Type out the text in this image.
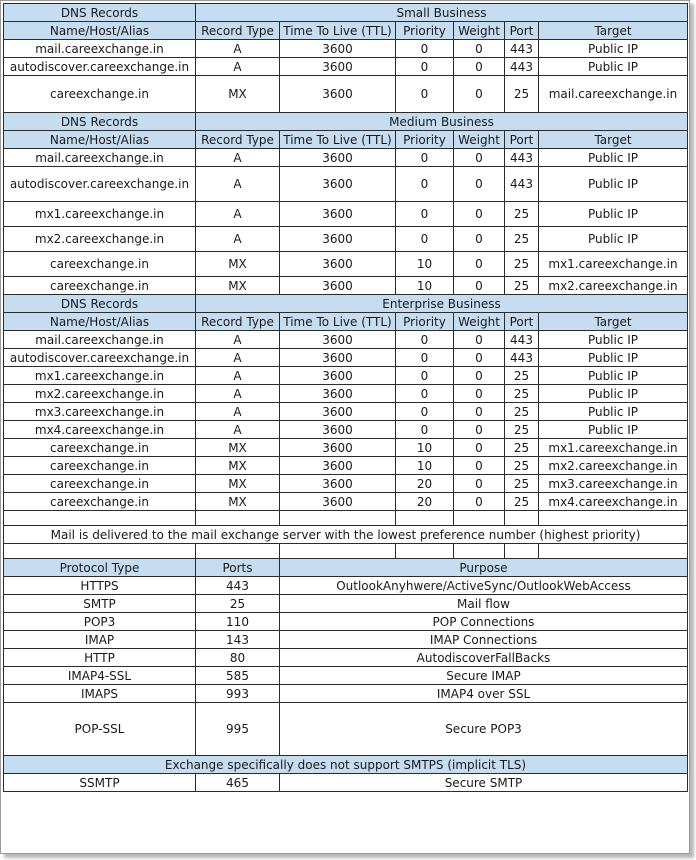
DNS Records	Small Business					
Name/Host/Alias	Record Type	Time To Live (TTL)	Priority	Weight	Port	Target
mail.careexchange.in	A	3600	0	0	443	Public IP
autodiscover.careexchange.in	A	3600	0	0	443	Public IP
careexchange.in	MX	3600	0	0	25	mail.careexchange.in
DNS Records	Medium Business					
Name/Host/Alias	Record Type	Time To Live (TTL)	Priority	Weight	Port	Target
mail.careexchange.in	A	3600	0	0	443	Public IP
autodiscover.careexchange.in	A	3600	0	0	443	Public IP
mx1.careexchange.in	A	3600	0	0	25	Public IP
mx2.careexchange.in	A	3600	0	0	25	Public IP
careexchange.in	MX	3600	10	0	25	mx1.careexchange.in
careexchange.in	MX	3600	10	0	25	mx2.careexchange.in
DNS Records	Enterprise Business					
Name/Host/Alias	Record Type	Time To Live (TTL)	Priority	Weight	Port	Target
mail.careexchange.in	A	3600	0	0	443	Public IP
autodiscover.careexchange.in	A	3600	0	0	443	Public IP
mx1.careexchange.in	A	3600	0	0	25	Public IP
mx2.careexchange.in	A	3600	0	0	25	Public IP
mx3.careexchange.in	A	3600	0	0	25	Public IP
mx4.careexchange.in	A	3600	0	0	25	Public IP
careexchange.in	MX	3600	10	0	25	mx1.careexchange.in
careexchange.in	MX	3600	10	0	25	mx2.careexchange.in
careexchange.in	MX	3600	20	0	25	mx3.careexchange.in
careexchange.in	MX	3600	20	0	25	mx4.careexchange.in

Mail is delivered to the mail exchange server with the lowest preference number (highest priority)						

Protocol Type	Ports	Purpose				
HTTPS	443	OutlookAnyhwere/ActiveSync/OutlookWebAccess				
SMTP	25	Mail flow				
POP3	110	POP Connections				
IMAP	143	IMAP Connections				
HTTP	80	AutodiscoverFallBacks				
IMAP4-SSL	585	Secure IMAP				
IMAPS	993	IMAP4 over SSL				
POP-SSL	995	Secure POP3				
Exchange specifically does not support SMTPS (implicit TLS)						
SSMTP	465	Secure SMTP				
